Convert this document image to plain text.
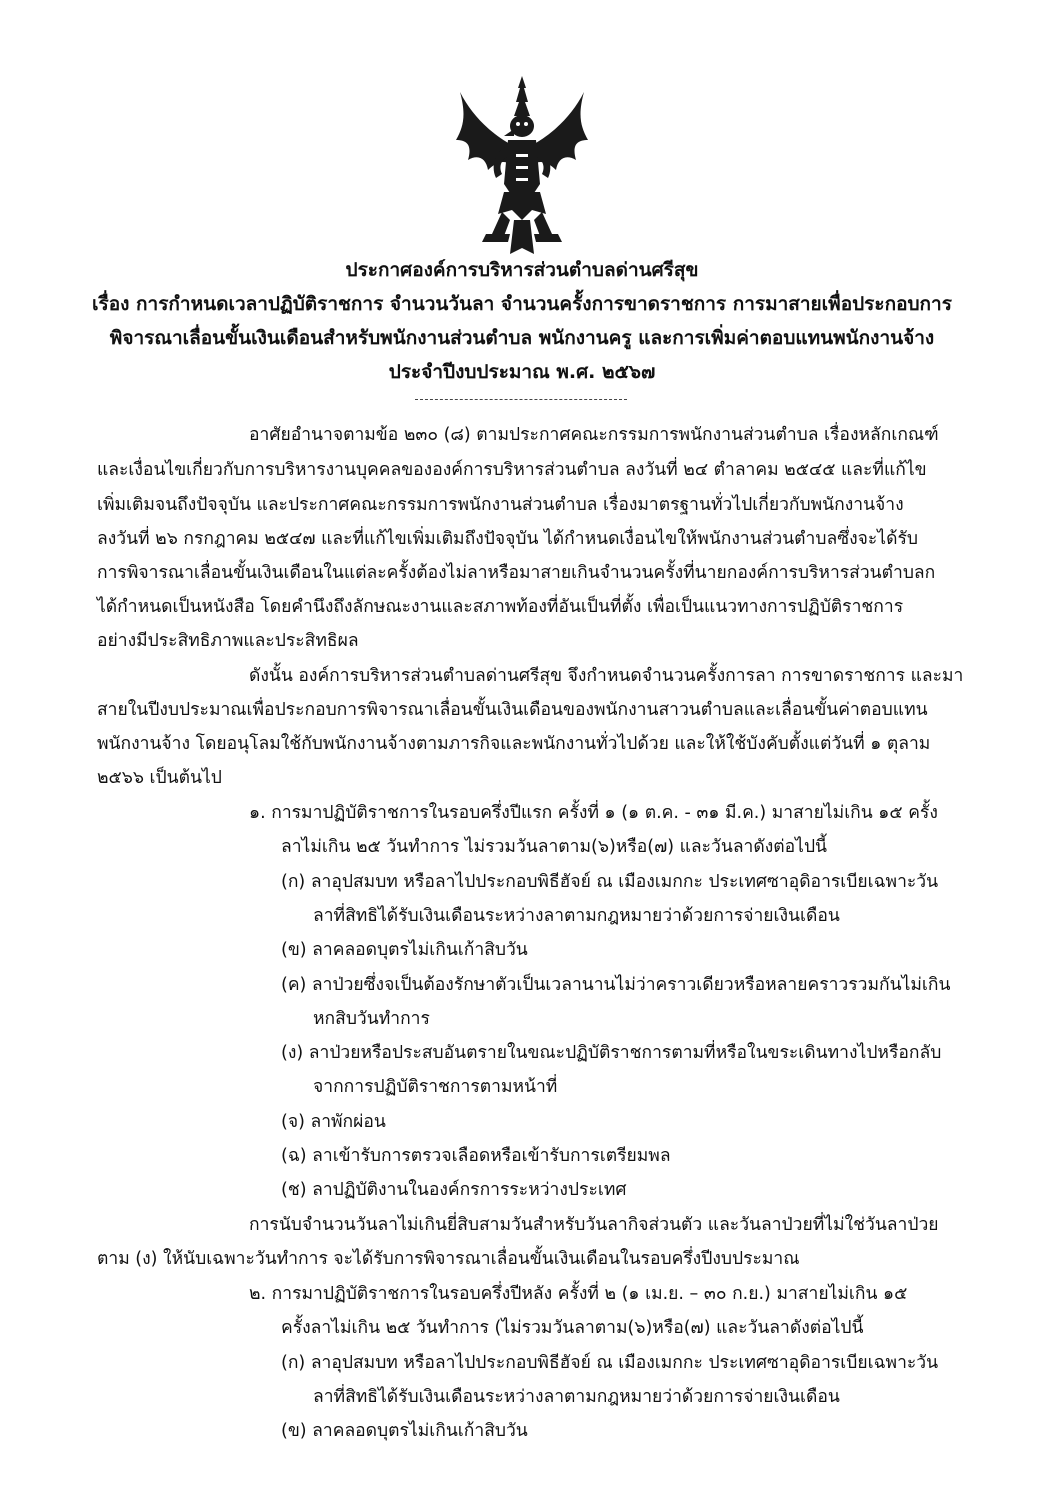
ประกาศองค์การบริหารส่วนตำบลด่านศรีสุข
เรื่อง การกำหนดเวลาปฏิบัติราชการ จำนวนวันลา จำนวนครั้งการขาดราชการ การมาสายเพื่อประกอบการ
พิจารณาเลื่อนขั้นเงินเดือนสำหรับพนักงานส่วนตำบล พนักงานครู และการเพิ่มค่าตอบแทนพนักงานจ้าง
ประจำปีงบประมาณ พ.ศ. ๒๕๖๗
อาศัยอำนาจตามข้อ ๒๓๐ (๘) ตามประกาศคณะกรรมการพนักงานส่วนตำบล เรื่องหลักเกณฑ์
และเงื่อนไขเกี่ยวกับการบริหารงานบุคคลขององค์การบริหารส่วนตำบล ลงวันที่ ๒๔ ตำลาคม ๒๕๔๕ และที่แก้ไข
เพิ่มเติมจนถึงปัจจุบัน และประกาศคณะกรรมการพนักงานส่วนตำบล เรื่องมาตรฐานทั่วไปเกี่ยวกับพนักงานจ้าง
ลงวันที่ ๒๖ กรกฎาคม ๒๕๔๗ และที่แก้ไขเพิ่มเติมถึงปัจจุบัน ได้กำหนดเงื่อนไขให้พนักงานส่วนตำบลซึ่งจะได้รับ
การพิจารณาเลื่อนขั้นเงินเดือนในแต่ละครั้งต้องไม่ลาหรือมาสายเกินจำนวนครั้งที่นายกองค์การบริหารส่วนตำบลก
ได้กำหนดเป็นหนังสือ โดยคำนึงถึงลักษณะงานและสภาพท้องที่อันเป็นที่ตั้ง เพื่อเป็นแนวทางการปฏิบัติราชการ
อย่างมีประสิทธิภาพและประสิทธิผล
ดังนั้น องค์การบริหารส่วนตำบลด่านศรีสุข จึงกำหนดจำนวนครั้งการลา การขาดราชการ และมา
สายในปีงบประมาณเพื่อประกอบการพิจารณาเลื่อนขั้นเงินเดือนของพนักงานสาวนตำบลและเลื่อนขั้นค่าตอบแทน
พนักงานจ้าง โดยอนุโลมใช้กับพนักงานจ้างตามภารกิจและพนักงานทั่วไปด้วย และให้ใช้บังคับตั้งแต่วันที่ ๑ ตุลาม
๒๕๖๖ เป็นต้นไป
๑. การมาปฏิบัติราชการในรอบครึ่งปีแรก ครั้งที่ ๑ (๑ ต.ค. - ๓๑ มี.ค.) มาสายไม่เกิน ๑๕ ครั้ง
ลาไม่เกิน ๒๕ วันทำการ ไม่รวมวันลาตาม(๖)หรือ(๗) และวันลาดังต่อไปนี้
(ก) ลาอุปสมบท หรือลาไปประกอบพิธีฮัจย์ ณ เมืองเมกกะ ประเทศซาอุดิอารเบียเฉพาะวัน
ลาที่สิทธิได้รับเงินเดือนระหว่างลาตามกฎหมายว่าด้วยการจ่ายเงินเดือน
(ข) ลาคลอดบุตรไม่เกินเก้าสิบวัน
(ค) ลาป่วยซึ่งจเป็นต้องรักษาตัวเป็นเวลานานไม่ว่าคราวเดียวหรือหลายคราวรวมกันไม่เกิน
หกสิบวันทำการ
(ง) ลาป่วยหรือประสบอันตรายในขณะปฏิบัติราชการตามที่หรือในขระเดินทางไปหรือกลับ
จากการปฏิบัติราชการตามหน้าที่
(จ) ลาพักผ่อน
(ฉ) ลาเข้ารับการตรวจเลือดหรือเข้ารับการเตรียมพล
(ช) ลาปฏิบัติงานในองค์กรการระหว่างประเทศ
การนับจำนวนวันลาไม่เกินยี่สิบสามวันสำหรับวันลากิจส่วนตัว และวันลาป่วยที่ไม่ใช่วันลาป่วย
ตาม (ง) ให้นับเฉพาะวันทำการ จะได้รับการพิจารณาเลื่อนขั้นเงินเดือนในรอบครึ่งปีงบประมาณ
๒. การมาปฏิบัติราชการในรอบครึ่งปีหลัง ครั้งที่ ๒ (๑ เม.ย. – ๓๐ ก.ย.) มาสายไม่เกิน ๑๕
ครั้งลาไม่เกิน ๒๕ วันทำการ (ไม่รวมวันลาตาม(๖)หรือ(๗) และวันลาดังต่อไปนี้
(ก) ลาอุปสมบท หรือลาไปประกอบพิธีฮัจย์ ณ เมืองเมกกะ ประเทศซาอุดิอารเบียเฉพาะวัน
ลาที่สิทธิได้รับเงินเดือนระหว่างลาตามกฎหมายว่าด้วยการจ่ายเงินเดือน
(ข) ลาคลอดบุตรไม่เกินเก้าสิบวัน
